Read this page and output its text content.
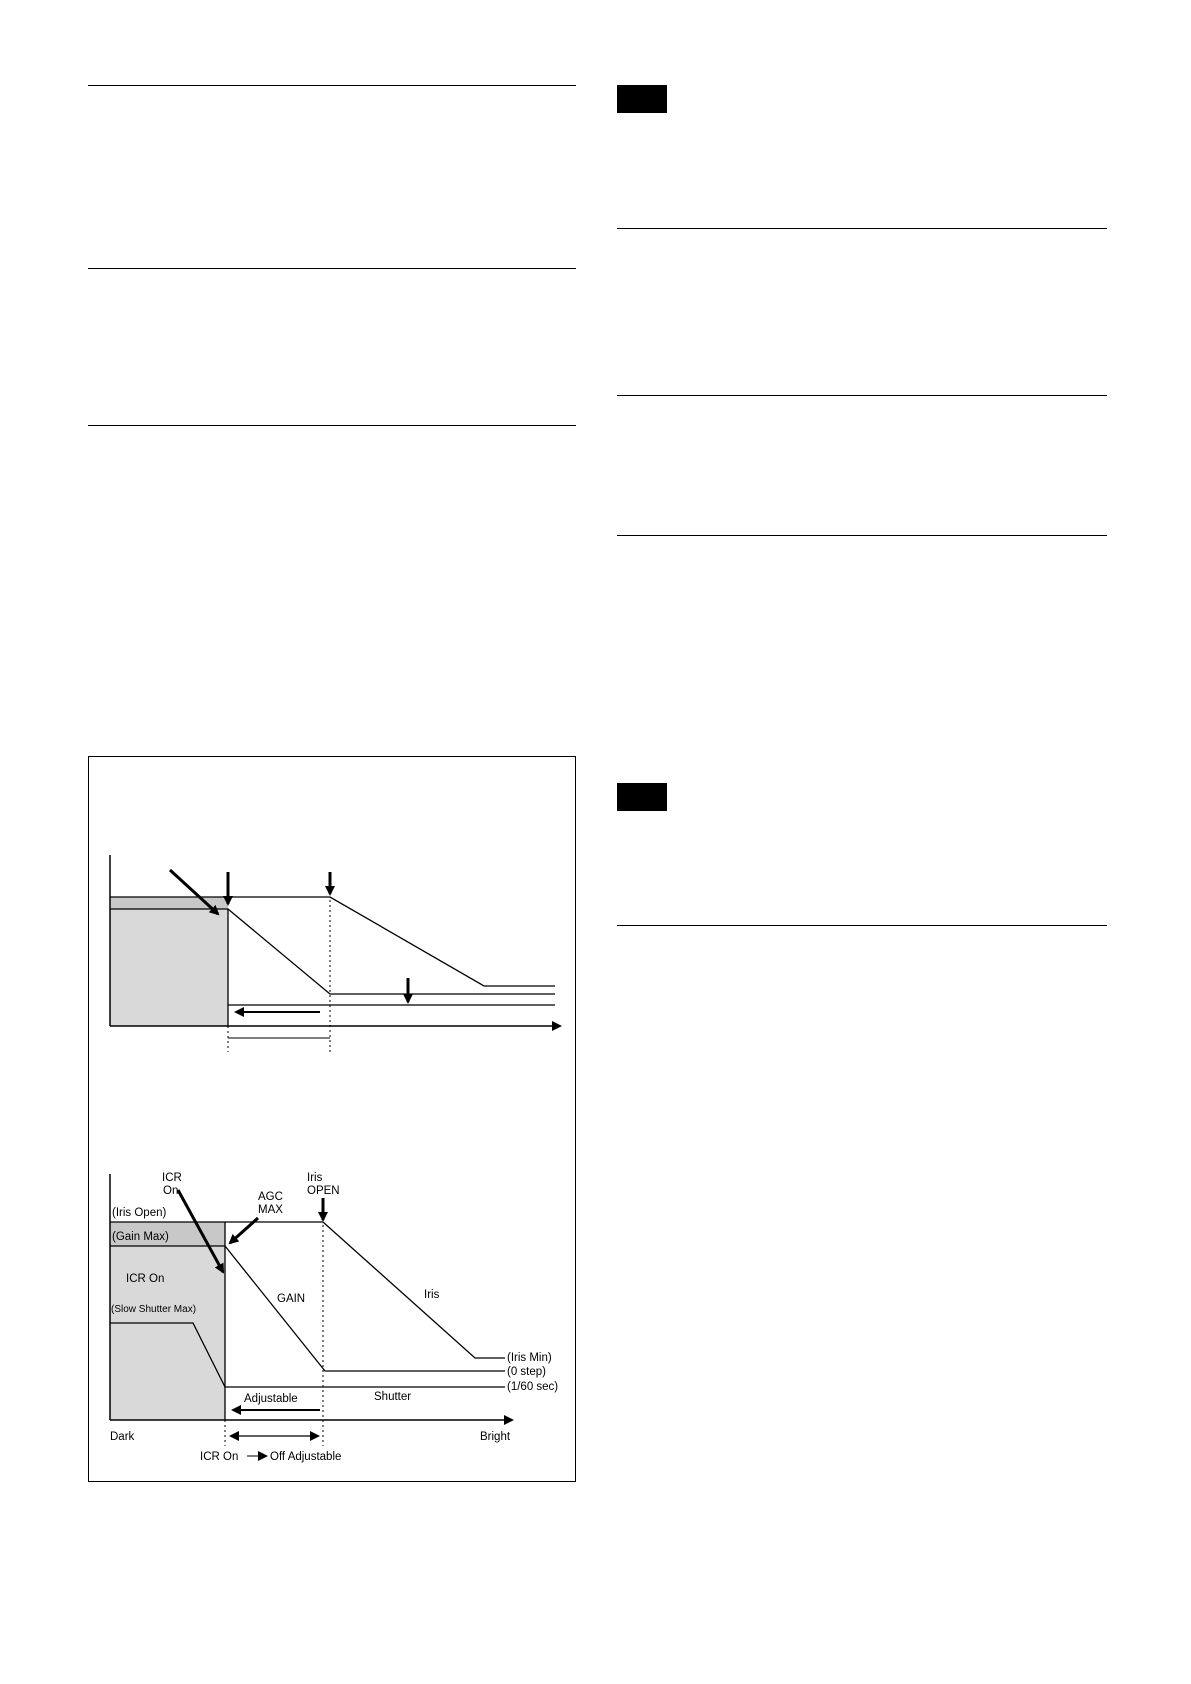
ICR
On	AGC
MAX
Iris
OPEN
(Iris Open)
(Gain Max)
ICR On
(Slow Shutter Max)
GAIN	Iris
(Iris Min)
(0 step)
(1/60 sec)
Adjustable	Shutter
Dark	Bright
ICR On	Off Adjustable
